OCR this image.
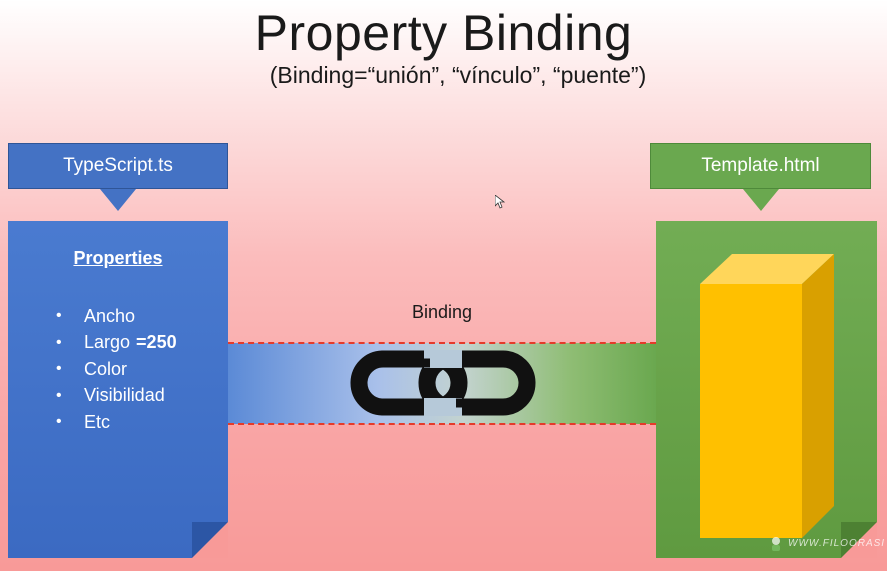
Property Binding
(Binding=“unión”, “vínculo”, “puente”)
TypeScript.ts
Properties
•	Ancho
•	Largo =250
•	Color
•	Visibilidad
•	Etc
Template.html
Binding
WWW.FILOORASI
